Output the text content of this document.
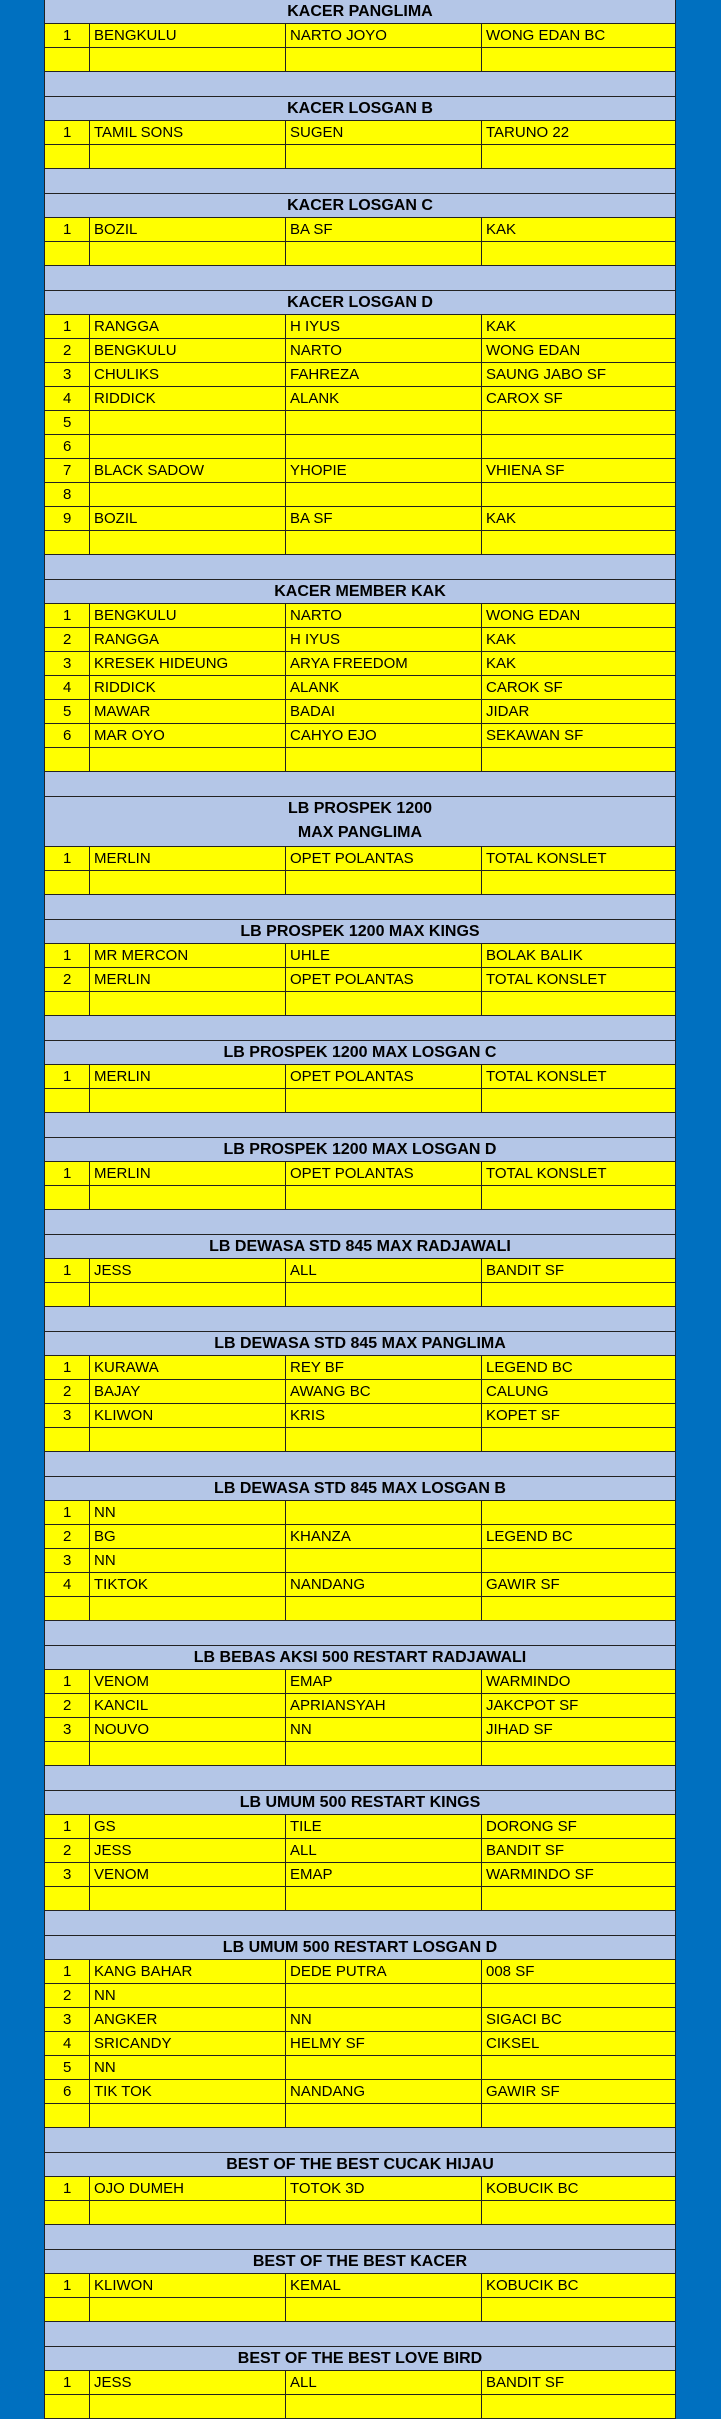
KACER PANGLIMA
1	BENGKULU	NARTO JOYO	WONG EDAN BC
KACER LOSGAN B
1	TAMIL SONS	SUGEN	TARUNO 22
KACER LOSGAN C
1	BOZIL	BA SF	KAK
KACER LOSGAN D
1	RANGGA	H IYUS	KAK
2	BENGKULU	NARTO	WONG EDAN
3	CHULIKS	FAHREZA	SAUNG JABO SF
4	RIDDICK	ALANK	CAROX SF
5
6
7	BLACK SADOW	YHOPIE	VHIENA SF
8
9	BOZIL	BA SF	KAK
KACER MEMBER KAK
1	BENGKULU	NARTO	WONG EDAN
2	RANGGA	H IYUS	KAK
3	KRESEK HIDEUNG	ARYA FREEDOM	KAK
4	RIDDICK	ALANK	CAROK SF
5	MAWAR	BADAI	JIDAR
6	MAR OYO	CAHYO EJO	SEKAWAN SF
LB PROSPEK 1200
MAX PANGLIMA
1	MERLIN	OPET POLANTAS	TOTAL KONSLET
LB PROSPEK 1200 MAX KINGS
1	MR MERCON	UHLE	BOLAK BALIK
2	MERLIN	OPET POLANTAS	TOTAL KONSLET
LB PROSPEK 1200 MAX LOSGAN C
1	MERLIN	OPET POLANTAS	TOTAL KONSLET
LB PROSPEK 1200 MAX LOSGAN D
1	MERLIN	OPET POLANTAS	TOTAL KONSLET
LB DEWASA STD 845 MAX RADJAWALI
1	JESS	ALL	BANDIT SF
LB DEWASA STD 845 MAX PANGLIMA
1	KURAWA	REY BF	LEGEND BC
2	BAJAY	AWANG BC	CALUNG
3	KLIWON	KRIS	KOPET SF
LB DEWASA STD 845 MAX LOSGAN B
1	NN
2	BG	KHANZA	LEGEND BC
3	NN
4	TIKTOK	NANDANG	GAWIR SF
LB BEBAS AKSI 500 RESTART RADJAWALI
1	VENOM	EMAP	WARMINDO
2	KANCIL	APRIANSYAH	JAKCPOT SF
3	NOUVO	NN	JIHAD SF
LB UMUM 500 RESTART KINGS
1	GS	TILE	DORONG SF
2	JESS	ALL	BANDIT SF
3	VENOM	EMAP	WARMINDO SF
LB UMUM 500 RESTART LOSGAN D
1	KANG BAHAR	DEDE PUTRA	008 SF
2	NN
3	ANGKER	NN	SIGACI BC
4	SRICANDY	HELMY SF	CIKSEL
5	NN
6	TIK TOK	NANDANG	GAWIR SF
BEST OF THE BEST CUCAK HIJAU
1	OJO DUMEH	TOTOK 3D	KOBUCIK BC
BEST OF THE BEST KACER
1	KLIWON	KEMAL	KOBUCIK BC
BEST OF THE BEST LOVE BIRD
1	JESS	ALL	BANDIT SF
